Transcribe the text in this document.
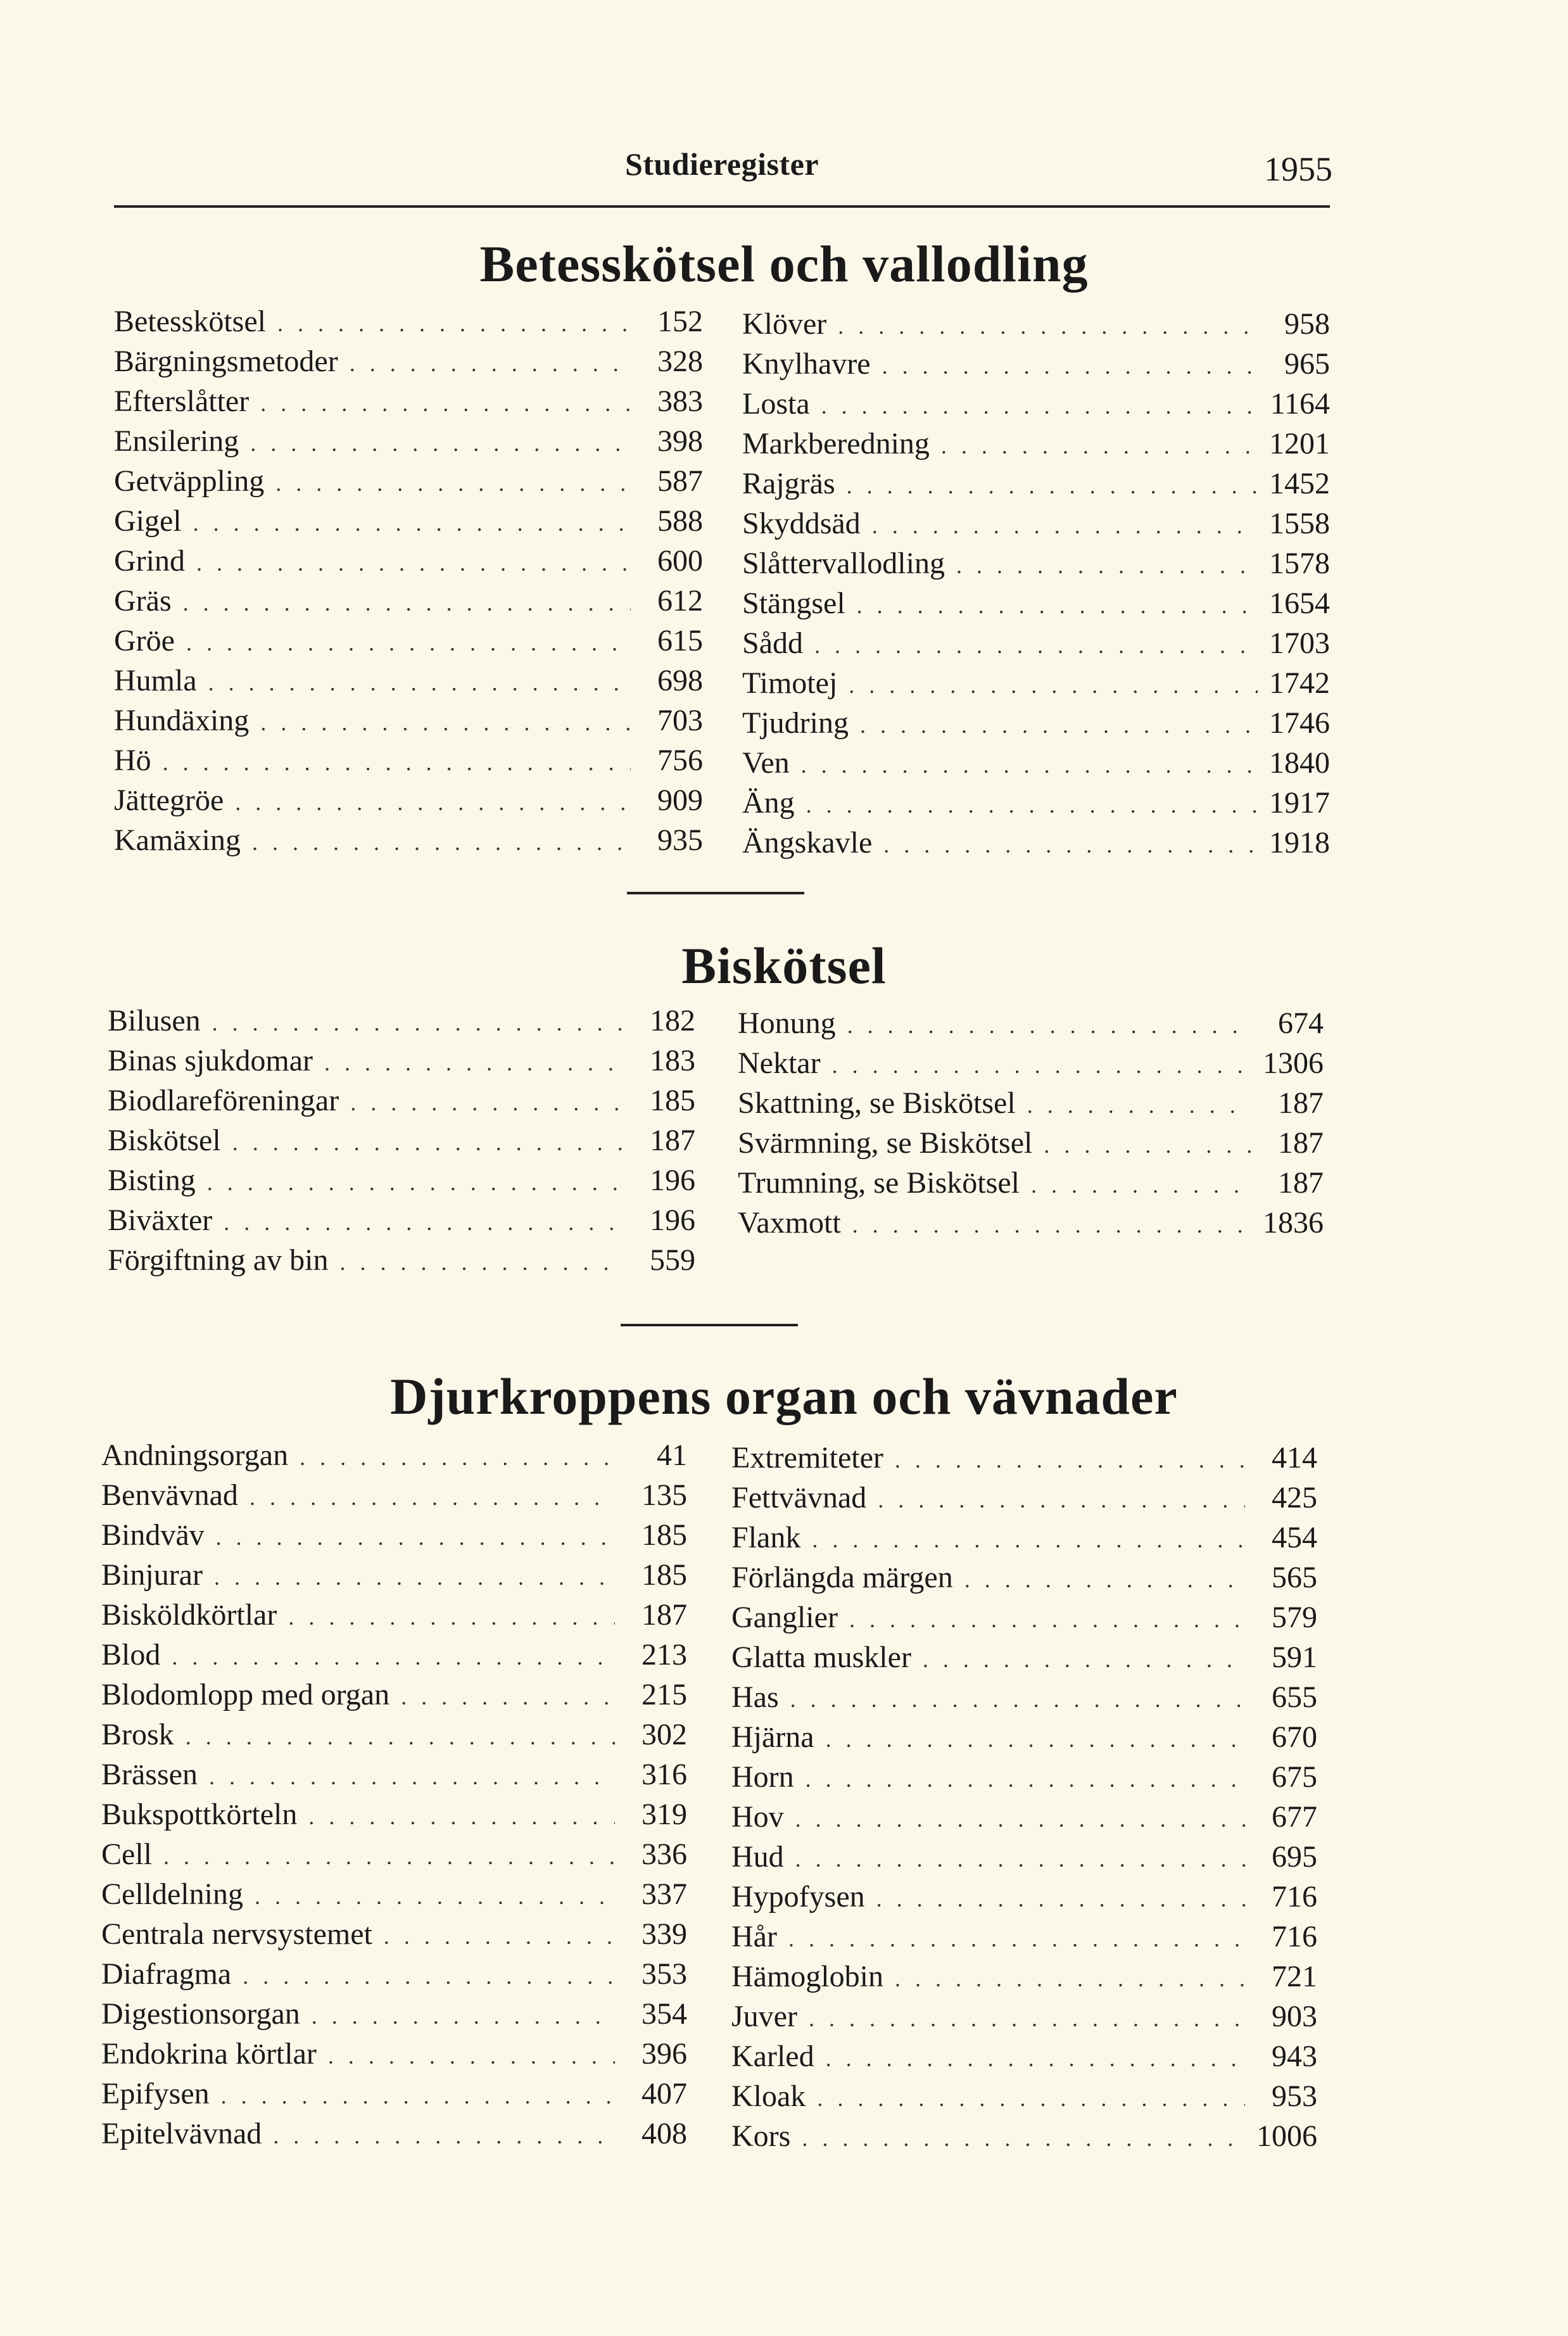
Studieregister	1955
Betesskötsel och vallodling
Betesskötsel . . .	152
Bärgningsmetoder . . .	328
Efterslåtter . . .	383
Ensilering . . .	398
Getväppling . . .	587
Gigel . . .	588
Grind . . .	600
Gräs . . .	612
Gröe . . .	615
Humla . . .	698
Hundäxing . . .	703
Hö . . .	756
Jättegröe . . .	909
Kamäxing . . .	935
Klöver . . .	958
Knylhavre . . .	965
Losta . . .	1164
Markberedning . . .	1201
Rajgräs . . .	1452
Skyddsäd . . .	1558
Slåttervallodling . . .	1578
Stängsel . . .	1654
Sådd . . .	1703
Timotej . . .	1742
Tjudring . . .	1746
Ven . . .	1840
Äng . . .	1917
Ängskavle . . .	1918
Biskötsel
Bilusen . . .	182
Binas sjukdomar . . .	183
Biodlareföreningar . . .	185
Biskötsel . . .	187
Bisting . . .	196
Biväxter . . .	196
Förgiftning av bin . . .	559
Honung . . .	674
Nektar . . .	1306
Skattning, se Biskötsel . . .	187
Svärmning, se Biskötsel . . .	187
Trumning, se Biskötsel . . .	187
Vaxmott . . .	1836
Djurkroppens organ och vävnader
Andningsorgan . . .	41
Benvävnad . . .	135
Bindväv . . .	185
Binjurar . . .	185
Bisköldkörtlar . . .	187
Blod . . .	213
Blodomlopp med organ . . .	215
Brosk . . .	302
Brässen . . .	316
Bukspottkörteln . . .	319
Cell . . .	336
Celldelning . . .	337
Centrala nervsystemet . . .	339
Diafragma . . .	353
Digestionsorgan . . .	354
Endokrina körtlar . . .	396
Epifysen . . .	407
Epitelvävnad . . .	408
Extremiteter . . .	414
Fettvävnad . . .	425
Flank . . .	454
Förlängda märgen . . .	565
Ganglier . . .	579
Glatta muskler . . .	591
Has . . .	655
Hjärna . . .	670
Horn . . .	675
Hov . . .	677
Hud . . .	695
Hypofysen . . .	716
Hår . . .	716
Hämoglobin . . .	721
Juver . . .	903
Karled . . .	943
Kloak . . .	953
Kors . . .	1006
